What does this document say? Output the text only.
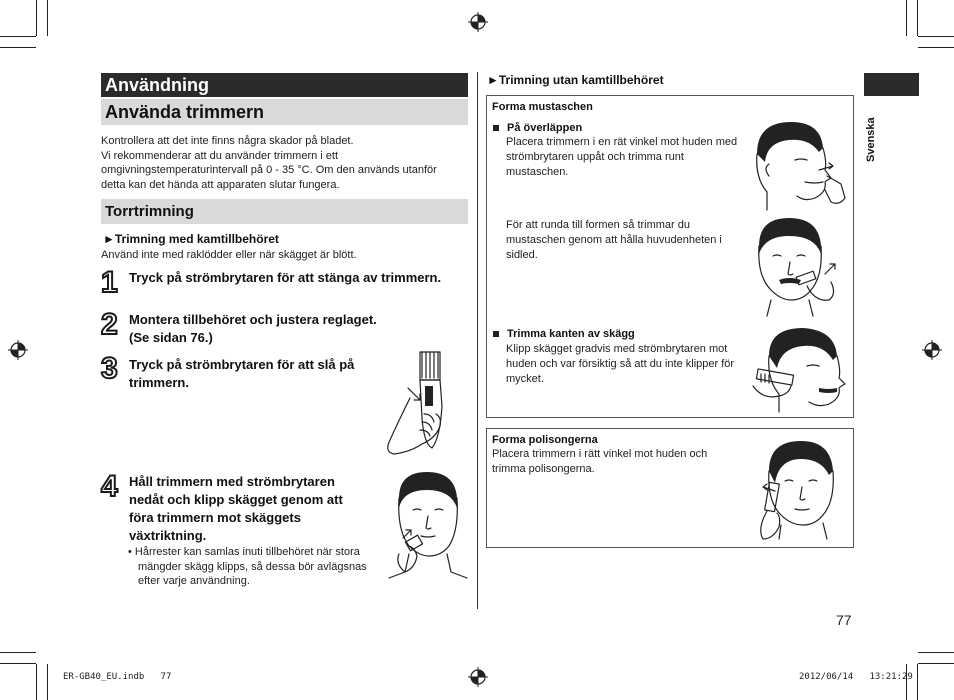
Användning
Använda trimmern
Kontrollera att det inte finns några skador på bladet.
Vi rekommenderar att du använder trimmern i ett
omgivningstemperaturintervall på 0 - 35 °C. Om den används utanför
detta kan det hända att apparaten slutar fungera.
Torrtrimning
►Trimning med kamtillbehöret
Använd inte med raklödder eller när skägget är blött.
1 Tryck på strömbrytaren för att stänga av trimmern.
2 Montera tillbehöret och justera reglaget.
(Se sidan 76.)
3 Tryck på strömbrytaren för att slå på
trimmern.
4 Håll trimmern med strömbrytaren
nedåt och klipp skägget genom att
föra trimmern mot skäggets
växtriktning.
• Hårrester kan samlas inuti tillbehöret när stora
mängder skägg klipps, så dessa bör avlägsnas
efter varje användning.
►Trimning utan kamtillbehöret
Forma mustaschen
På överläppen
Placera trimmern i en rät vinkel mot huden med
strömbrytaren uppåt och trimma runt
mustaschen.
För att runda till formen så trimmar du
mustaschen genom att hålla huvudenheten i
sidled.
Trimma kanten av skägg
Klipp skägget gradvis med strömbrytaren mot
huden och var försiktig så att du inte klipper för
mycket.
Forma polisongerna
Placera trimmern i rätt vinkel mot huden och
trimma polisongerna.
Svenska
77
ER-GB40_EU.indb   77	2012/06/14   13:21:29
